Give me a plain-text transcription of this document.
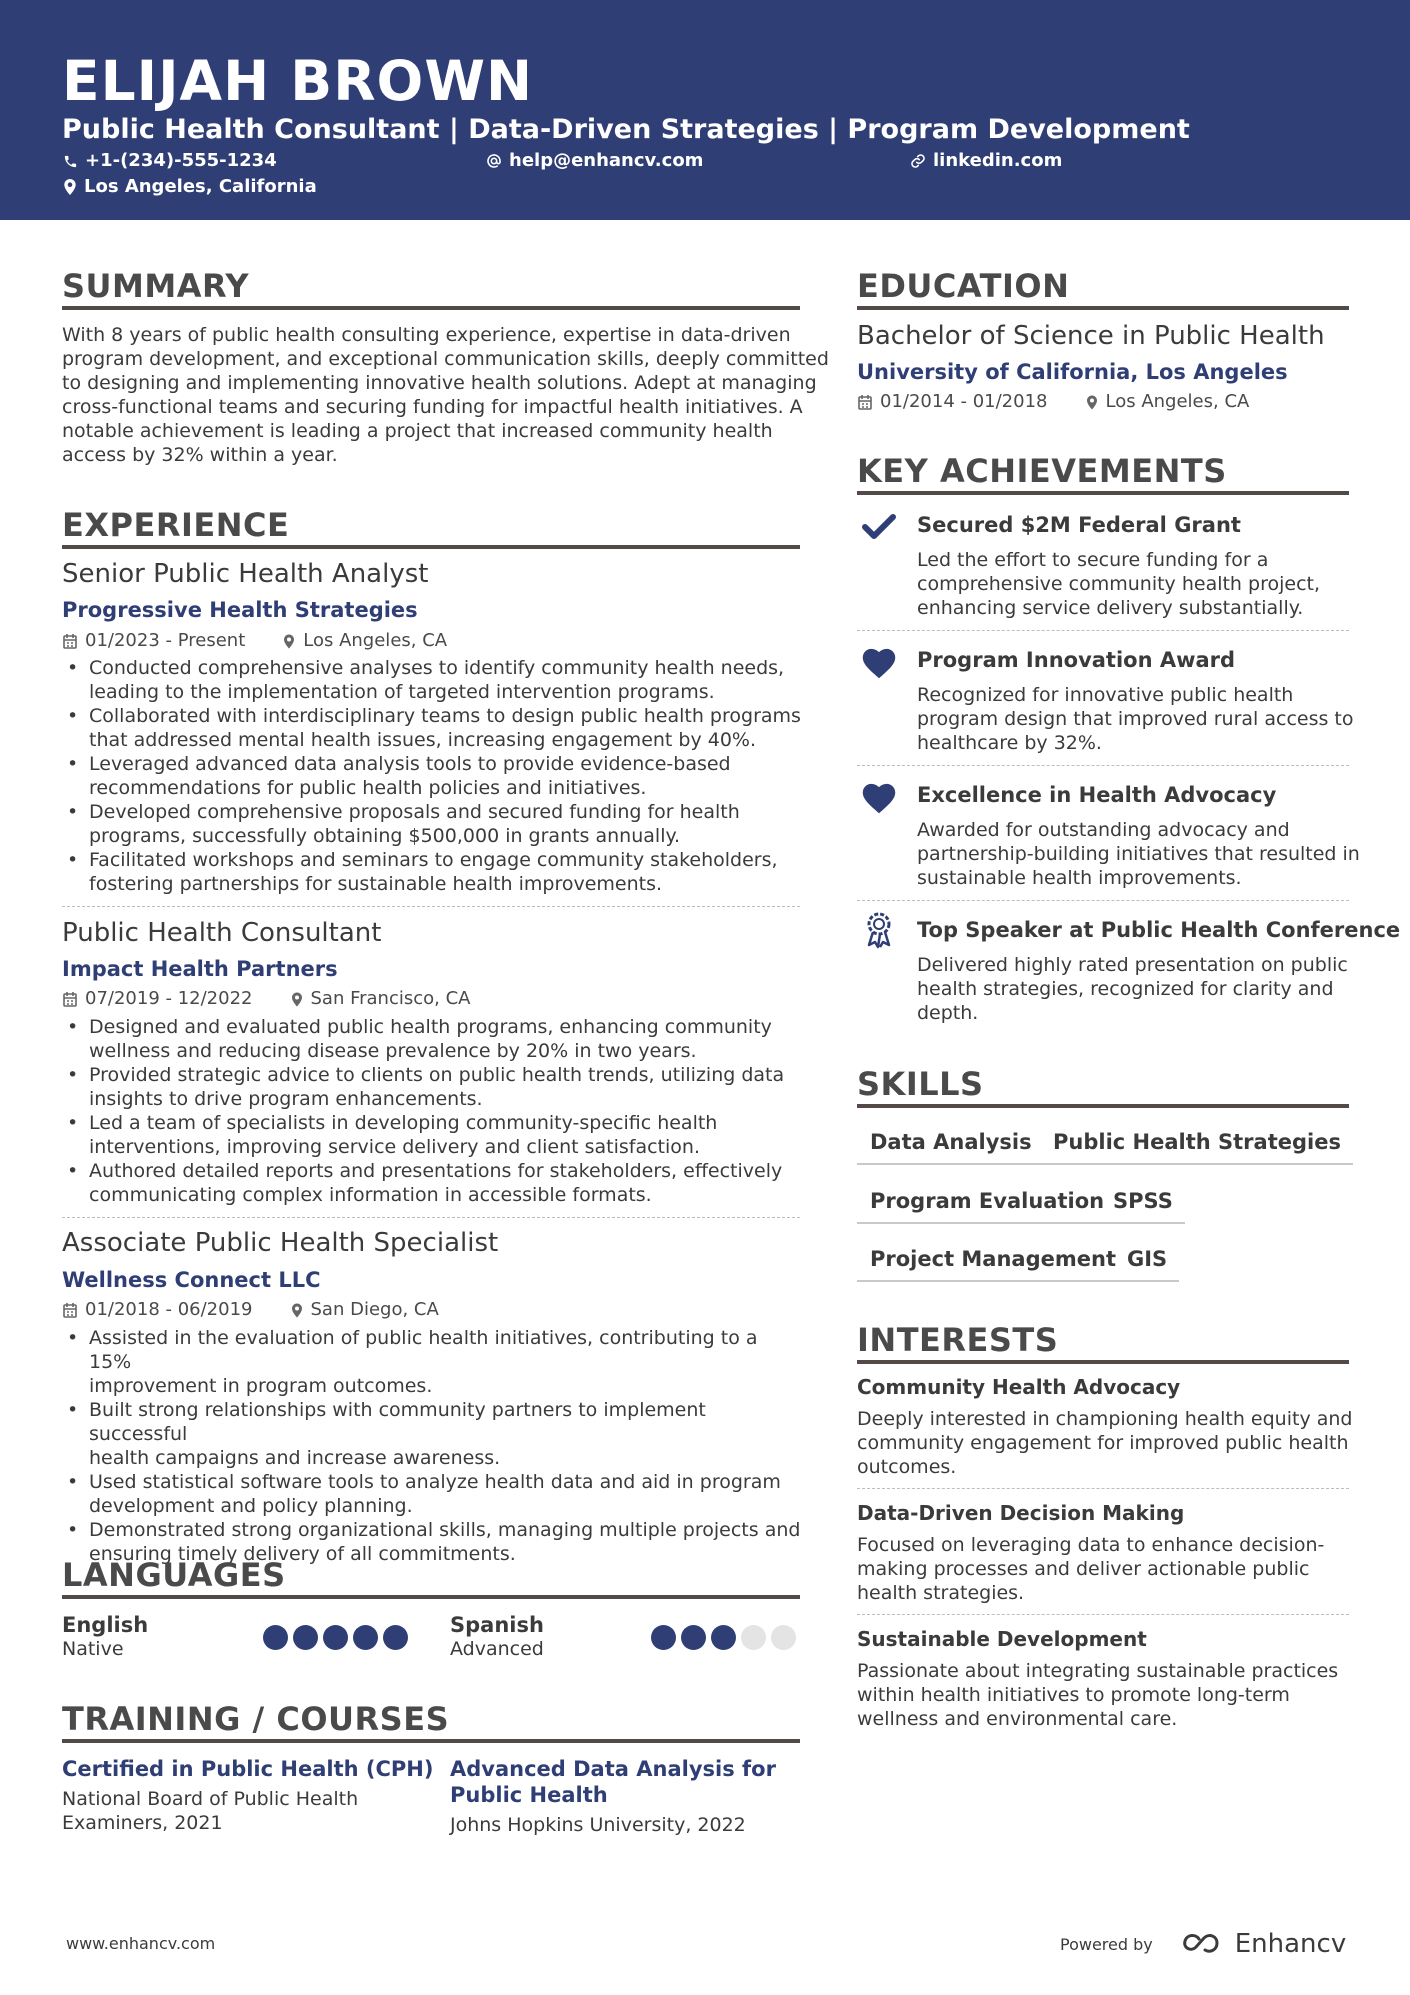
ELIJAH BROWN
Public Health Consultant | Data-Driven Strategies | Program Development
+1-(234)-555-1234	help@enhancv.com	linkedin.com
Los Angeles, California
SUMMARY
With 8 years of public health consulting experience, expertise in data-driven
program development, and exceptional communication skills, deeply committed
to designing and implementing innovative health solutions. Adept at managing
cross-functional teams and securing funding for impactful health initiatives. A
notable achievement is leading a project that increased community health
access by 32% within a year.
EXPERIENCE
Senior Public Health Analyst
Progressive Health Strategies
01/2023 - Present	Los Angeles, CA
• Conducted comprehensive analyses to identify community health needs,
leading to the implementation of targeted intervention programs.
• Collaborated with interdisciplinary teams to design public health programs
that addressed mental health issues, increasing engagement by 40%.
• Leveraged advanced data analysis tools to provide evidence-based
recommendations for public health policies and initiatives.
• Developed comprehensive proposals and secured funding for health
programs, successfully obtaining $500,000 in grants annually.
• Facilitated workshops and seminars to engage community stakeholders,
fostering partnerships for sustainable health improvements.
Public Health Consultant
Impact Health Partners
07/2019 - 12/2022	San Francisco, CA
• Designed and evaluated public health programs, enhancing community
wellness and reducing disease prevalence by 20% in two years.
• Provided strategic advice to clients on public health trends, utilizing data
insights to drive program enhancements.
• Led a team of specialists in developing community-specific health
interventions, improving service delivery and client satisfaction.
• Authored detailed reports and presentations for stakeholders, effectively
communicating complex information in accessible formats.
Associate Public Health Specialist
Wellness Connect LLC
01/2018 - 06/2019	San Diego, CA
• Assisted in the evaluation of public health initiatives, contributing to a 15%
improvement in program outcomes.
• Built strong relationships with community partners to implement successful
health campaigns and increase awareness.
• Used statistical software tools to analyze health data and aid in program
development and policy planning.
• Demonstrated strong organizational skills, managing multiple projects and
ensuring timely delivery of all commitments.
LANGUAGES
English
Native
Spanish
Advanced
TRAINING / COURSES
Certified in Public Health (CPH)
National Board of Public Health
Examiners, 2021
Advanced Data Analysis for
Public Health
Johns Hopkins University, 2022
EDUCATION
Bachelor of Science in Public Health
University of California, Los Angeles
01/2014 - 01/2018	Los Angeles, CA
KEY ACHIEVEMENTS
Secured $2M Federal Grant
Led the effort to secure funding for a
comprehensive community health project,
enhancing service delivery substantially.
Program Innovation Award
Recognized for innovative public health
program design that improved rural access to
healthcare by 32%.
Excellence in Health Advocacy
Awarded for outstanding advocacy and
partnership-building initiatives that resulted in
sustainable health improvements.
Top Speaker at Public Health Conference
Delivered highly rated presentation on public
health strategies, recognized for clarity and
depth.
SKILLS
Data Analysis	Public Health Strategies
Program Evaluation SPSS
Project Management GIS
INTERESTS
Community Health Advocacy
Deeply interested in championing health equity and
community engagement for improved public health
outcomes.
Data-Driven Decision Making
Focused on leveraging data to enhance decision-
making processes and deliver actionable public
health strategies.
Sustainable Development
Passionate about integrating sustainable practices
within health initiatives to promote long-term
wellness and environmental care.
www.enhancv.com	Powered by	Enhancv
